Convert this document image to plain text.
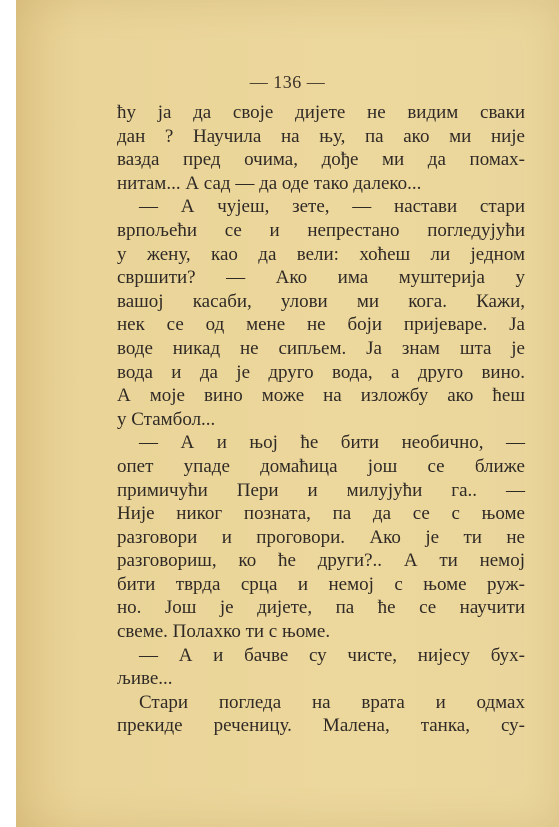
— 136 —
ћу ја да своје дијете не видим сваки
дан ? Научила на њу, па ако ми није
вазда пред очима, дође ми да помах-
нитам... А сад — да оде тако далеко...
— А чујеш, зете, — настави стари
врпољећи се и непрестано погледујући
у жену, као да вели: хоћеш ли једном
свршити? — Ако има муштерија у
вашој касаби, улови ми кога. Кажи,
нек се од мене не боји пријеваре. Ја
воде никад не сипљем. Ја знам шта је
вода и да је друго вода, а друго вино.
А моје вино може на изложбу ако ћеш
у Стамбол...
— А и њој ће бити необично, —
опет упаде домаћица још се ближе
примичући Пери и милујући га.. —
Није никог позната, па да се с њоме
разговори и проговори. Ако је ти не
разговориш, ко ће други?.. А ти немој
бити тврда срца и немој с њоме руж-
но. Још је дијете, па ће се научити
свеме. Полахко ти с њоме.
— А и бачве су чисте, нијесу бух-
љиве...
Стари погледа на врата и одмах
прекиде реченицу. Малена, танка, су-
